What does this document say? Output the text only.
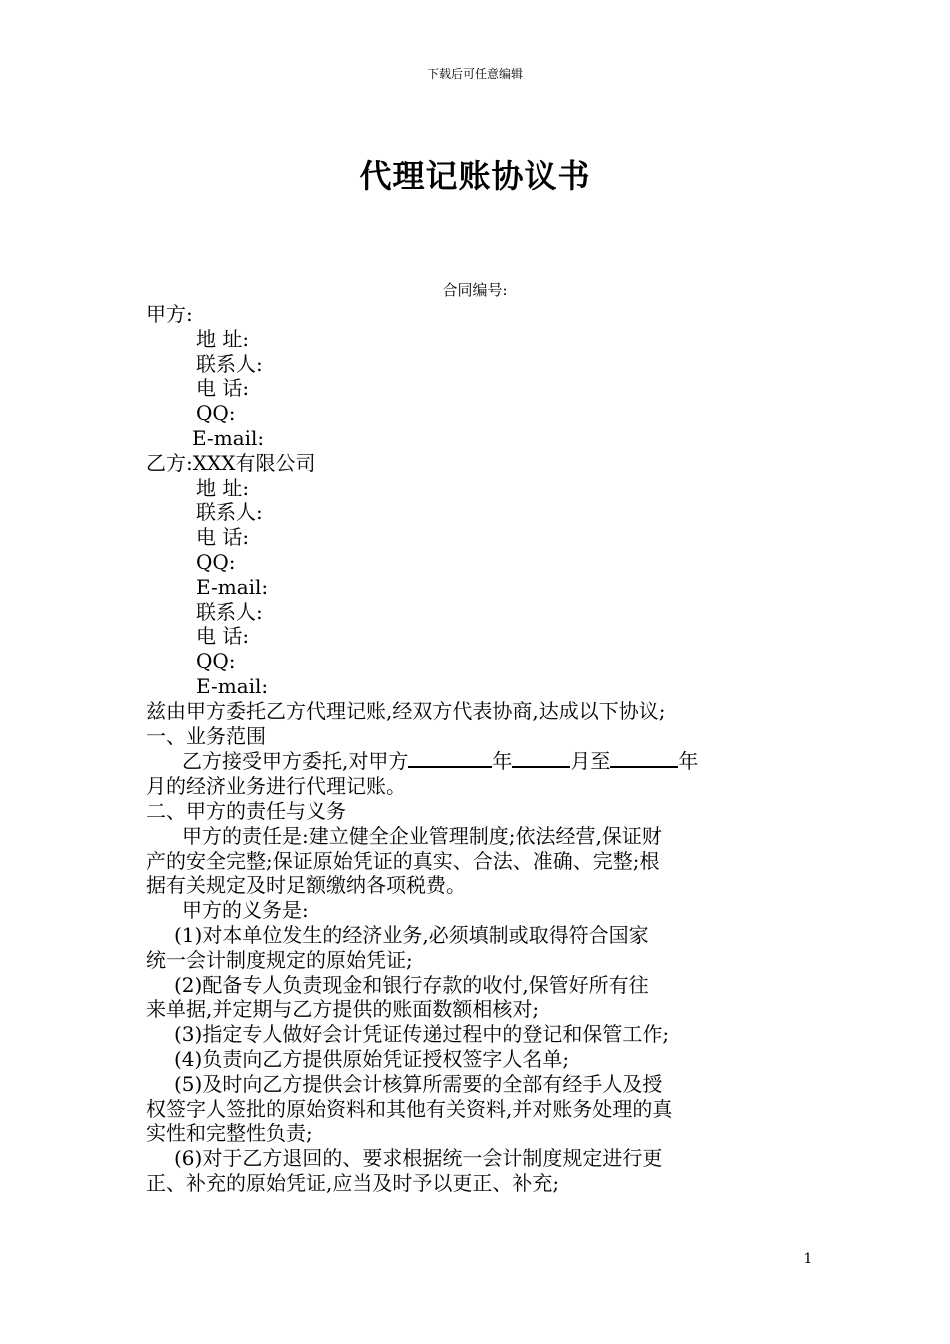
下载后可任意编辑
代理记账协议书
合同编号:
甲方:
地 址:
联系人:
电 话:
QQ:
E-mail:
乙方:XXX有限公司
地 址:
联系人:
电 话:
QQ:
E-mail:
联系人:
电 话:
QQ:
E-mail:
兹由甲方委托乙方代理记账,经双方代表协商,达成以下协议;
一、业务范围
乙方接受甲方委托,对甲方	年	月至	年
月的经济业务进行代理记账。
二、甲方的责任与义务
甲方的责任是:建立健全企业管理制度;依法经营,保证财
产的安全完整;保证原始凭证的真实、合法、准确、完整;根
据有关规定及时足额缴纳各项税费。
甲方的义务是:
(1)对本单位发生的经济业务,必须填制或取得符合国家
统一会计制度规定的原始凭证;
(2)配备专人负责现金和银行存款的收付,保管好所有往
来单据,并定期与乙方提供的账面数额相核对;
(3)指定专人做好会计凭证传递过程中的登记和保管工作;
(4)负责向乙方提供原始凭证授权签字人名单;
(5)及时向乙方提供会计核算所需要的全部有经手人及授
权签字人签批的原始资料和其他有关资料,并对账务处理的真
实性和完整性负责;
(6)对于乙方退回的、要求根据统一会计制度规定进行更
正、补充的原始凭证,应当及时予以更正、补充;
1
